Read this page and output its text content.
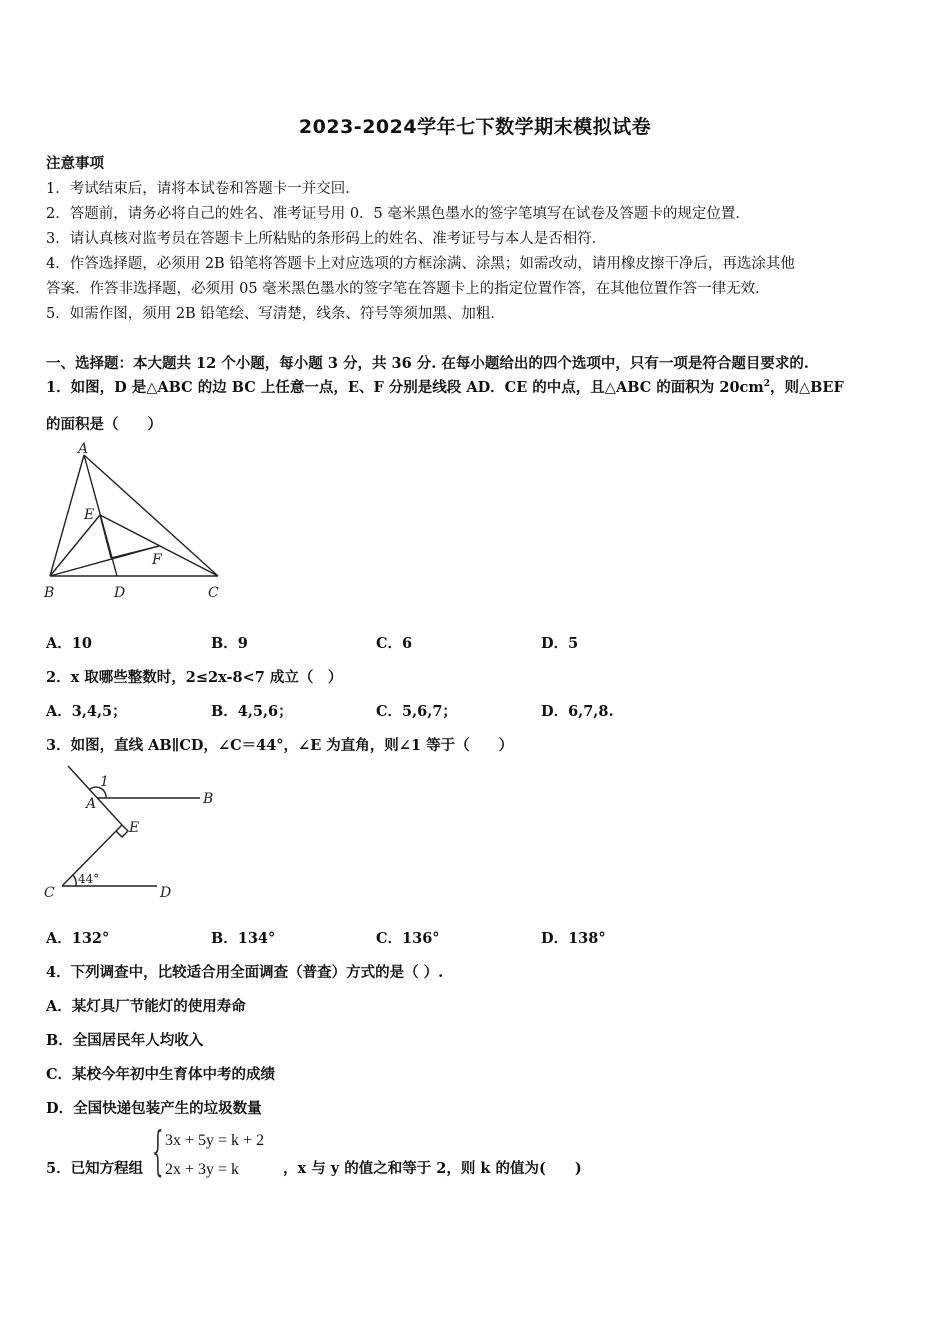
2023-2024学年七下数学期末模拟试卷
注意事项
1．考试结束后，请将本试卷和答题卡一并交回．
2．答题前，请务必将自己的姓名、准考证号用 0．5 毫米黑色墨水的签字笔填写在试卷及答题卡的规定位置．
3．请认真核对监考员在答题卡上所粘贴的条形码上的姓名、准考证号与本人是否相符．
4．作答选择题，必须用 2B 铅笔将答题卡上对应选项的方框涂满、涂黑；如需改动，请用橡皮擦干净后，再选涂其他
答案．作答非选择题，必须用 05 毫米黑色墨水的签字笔在答题卡上的指定位置作答，在其他位置作答一律无效．
5．如需作图，须用 2B 铅笔绘、写清楚，线条、符号等须加黑、加粗．
一、选择题：本大题共 12 个小题，每小题 3 分，共 36 分. 在每小题给出的四个选项中，只有一项是符合题目要求的.
1．如图，D 是△ABC 的边 BC 上任意一点，E、F 分别是线段 AD．CE 的中点，且△ABC 的面积为 $20cm^2$，则△BEF
的面积是（　　）
A
E
F
B	D	C
A．10	B．9	C．6	D．5
2．x 取哪些整数时，2≤2x-8<7 成立（　）
A．3,4,5；	B．4,5,6；	C．5,6,7；	D．6,7,8.
3．如图，直线 AB∥CD，∠C＝44°，∠E 为直角，则∠1 等于（　　）
1
A	B
E
C
44°
D
A．132°	B．134°	C．136°	D．138°
4．下列调查中，比较适合用全面调查（普查）方式的是（ ）.
A．某灯具厂节能灯的使用寿命
B．全国居民年人均收入
C．某校今年初中生育体中考的成绩
D．全国快递包装产生的垃圾数量
5．已知方程组 { 3x + 5y = k + 2
2x + 3y = k	，x 与 y 的值之和等于 2，则 k 的值为(　　)
